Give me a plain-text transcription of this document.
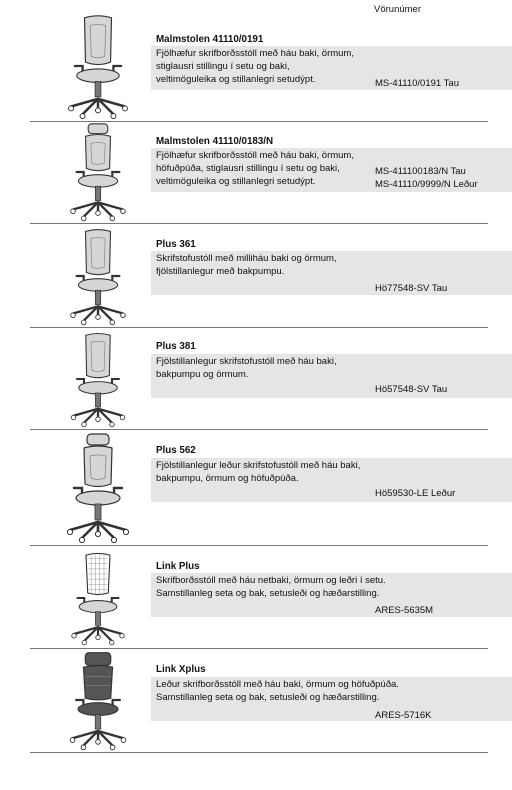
Vörunúmer
Malmstolen 41110/0191
Fjölhæfur skrifborðsstóll með háu baki, örmum,
stiglausri stillingu í setu og baki,
veltimöguleika og stillanlegri setudýpt.	MS-41110/0191 Tau
Malmstolen 41110/0183/N
Fjölhæfur skrifborðsstóll með háu baki, örmum,
höfuðpúða, stiglausri stillingu í setu og baki,
veltimöguleika og stillanlegri setudýpt.
MS-411100183/N Tau
MS-41110/9999/N Leður
Plus 361
Skrifstofustóll með milliháu baki og örmum,
fjölstillanlegur með bakpumpu.
Hö77548-SV Tau
Plus 381
Fjölstillanlegur skrifstofustóll með háu baki,
bakpumpu og örmum.
Hö57548-SV Tau
Plus 562
Fjölstillanlegur leður skrifstofustóll með háu baki,
bakpumpu, örmum og höfuðpúða.
Hö59530-LE Leður
Link Plus
Skrifborðsstóll með háu netbaki, örmum og leðri í setu.
Samstillanleg seta og bak, setusleði og hæðarstilling.
ARES-5635M
Link Xplus
Leður skrifborðsstóll með háu baki, örmum og höfuðpúða.
Samstillanleg seta og bak, setusleði og hæðarstilling.
ARES-5716K
